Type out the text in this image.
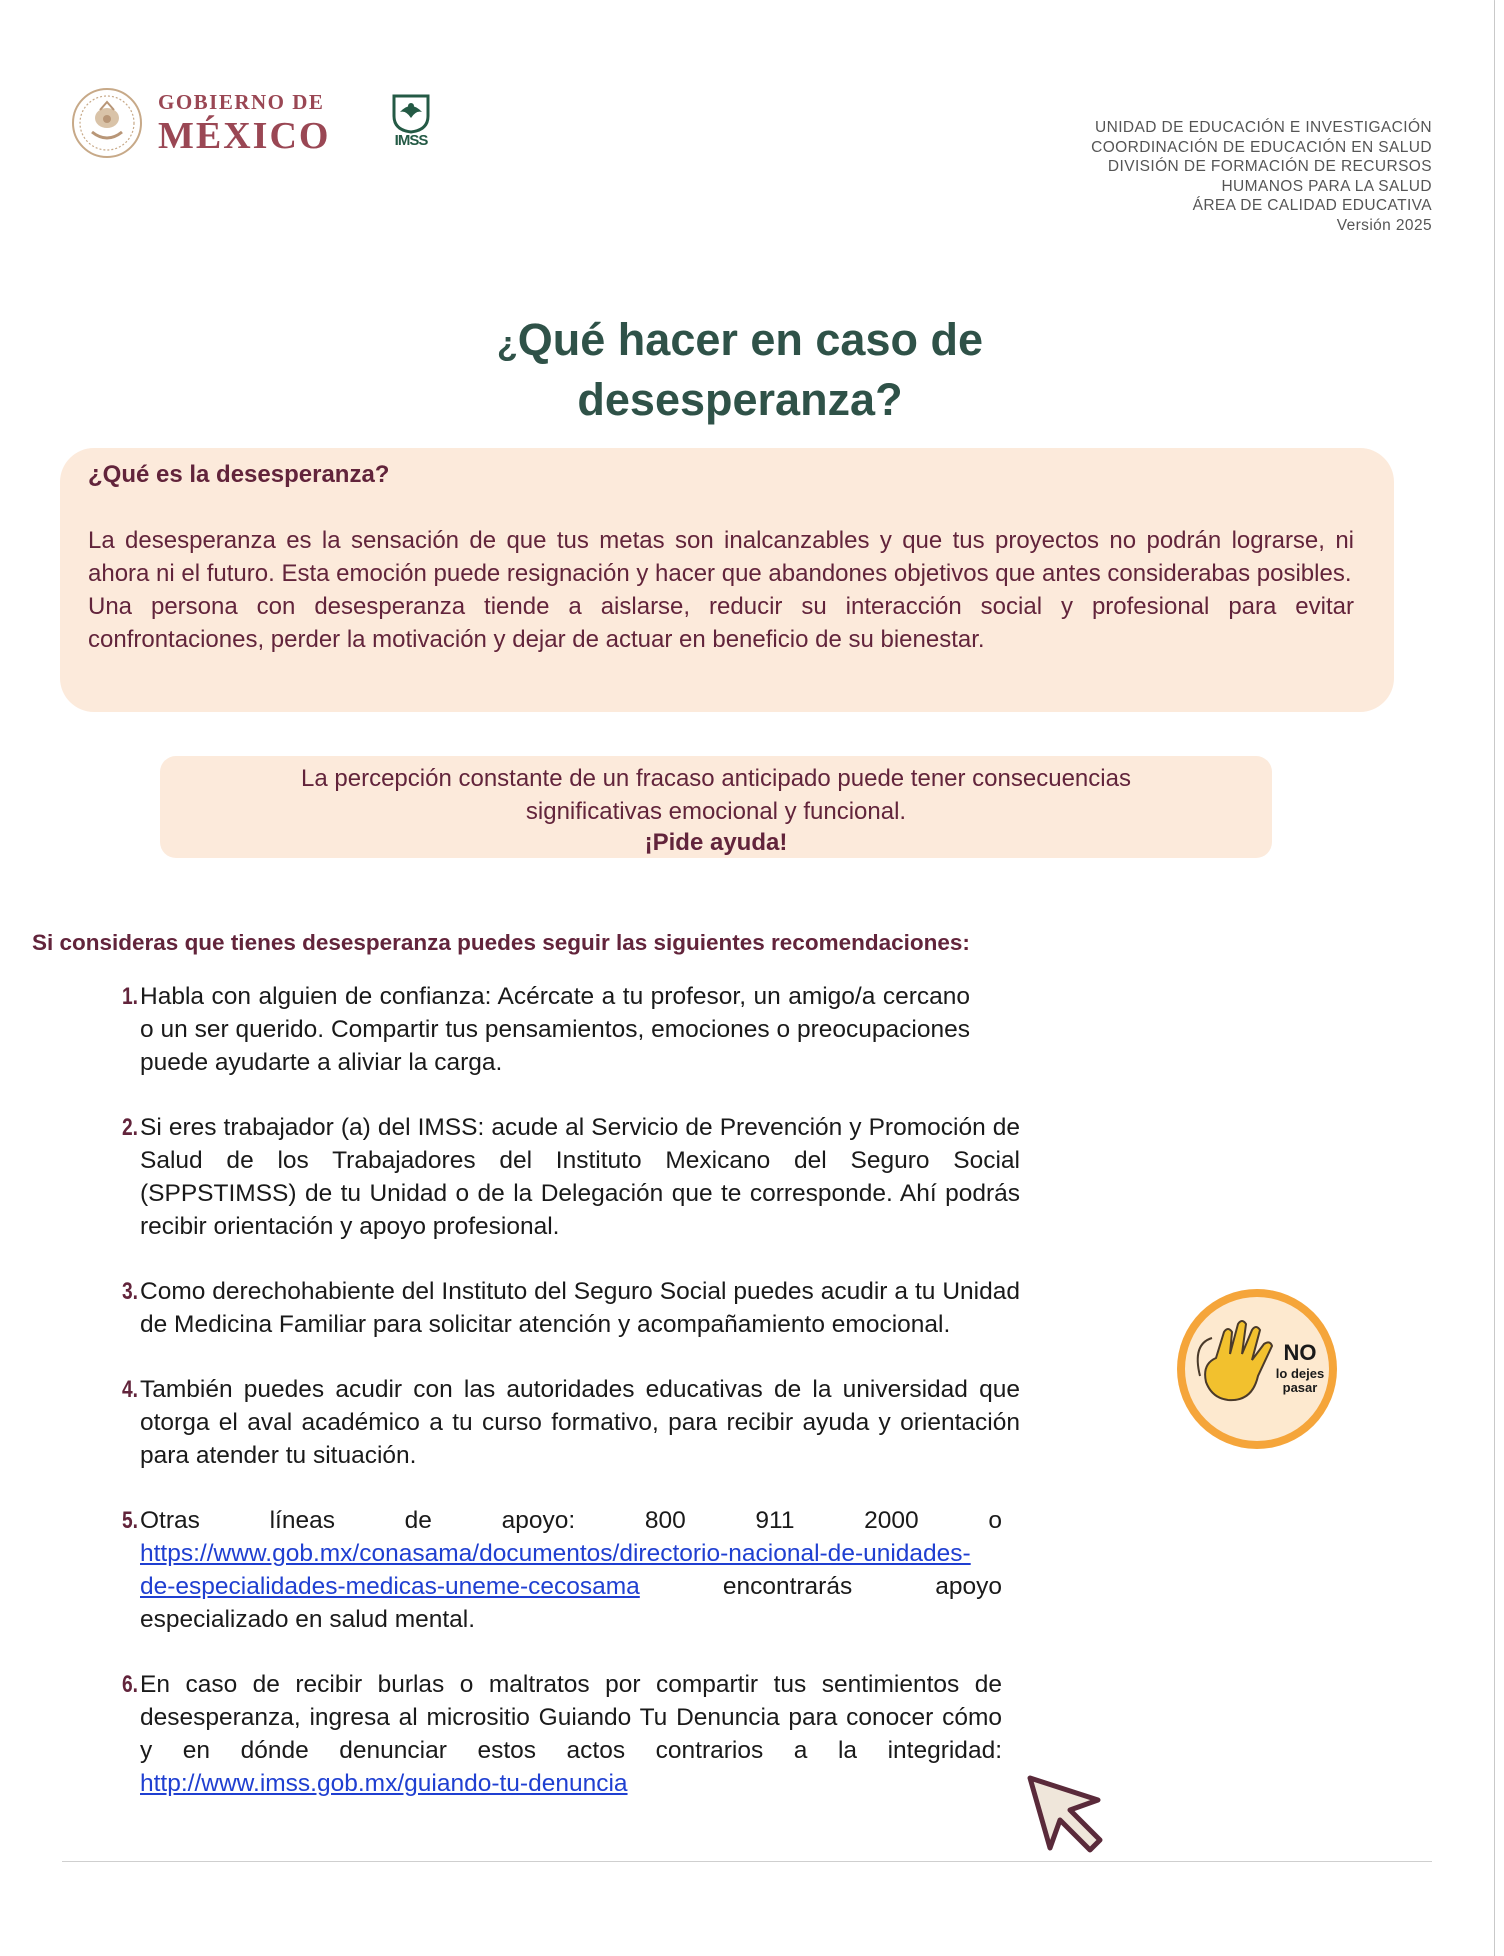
GOBIERNO DE
MÉXICO	IMSS
UNIDAD DE EDUCACIÓN E INVESTIGACIÓN
COORDINACIÓN DE EDUCACIÓN EN SALUD
DIVISIÓN DE FORMACIÓN DE RECURSOS
HUMANOS PARA LA SALUD
ÁREA DE CALIDAD EDUCATIVA
Versión 2025
¿Qué hacer en caso de
desesperanza?
¿Qué es la desesperanza?

La desesperanza es la sensación de que tus metas son inalcanzables y que tus proyectos no podrán lograrse, ni ahora ni el futuro. Esta emoción puede resignación y hacer que abandones objetivos que antes considerabas posibles.

Una persona con desesperanza tiende a aislarse, reducir su interacción social y profesional para evitar confrontaciones, perder la motivación y dejar de actuar en beneficio de su bienestar.

La percepción constante de un fracaso anticipado puede tener consecuencias
significativas emocional y funcional.
¡Pide ayuda!
Si consideras que tienes desesperanza puedes seguir las siguientes recomendaciones:
1. Habla con alguien de confianza: Acércate a tu profesor, un amigo/a cercano o un ser querido. Compartir tus pensamientos, emociones o preocupaciones puede ayudarte a aliviar la carga.

2. Si eres trabajador (a) del IMSS: acude al Servicio de Prevención y Promoción de Salud de los Trabajadores del Instituto Mexicano del Seguro Social (SPPSTIMSS) de tu Unidad o de la Delegación que te corresponde. Ahí podrás recibir orientación y apoyo profesional.

3. Como derechohabiente del Instituto del Seguro Social puedes acudir a tu Unidad de Medicina Familiar para solicitar atención y acompañamiento emocional.

4. También puedes acudir con las autoridades educativas de la universidad que otorga el aval académico a tu curso formativo, para recibir ayuda y orientación para atender tu situación.

5. Otras líneas de apoyo: 800 911 2000 o https://www.gob.mx/conasama/documentos/directorio-nacional-de-unidades-de-especialidades-medicas-uneme-cecosama	encontrarás apoyo especializado en salud mental.

6. En caso de recibir burlas o maltratos por compartir tus sentimientos de desesperanza, ingresa al micrositio Guiando Tu Denuncia para conocer cómo y en dónde denunciar estos actos contrarios a la integridad: http://www.imss.gob.mx/guiando-tu-denuncia

NO
lo dejes
pasar
